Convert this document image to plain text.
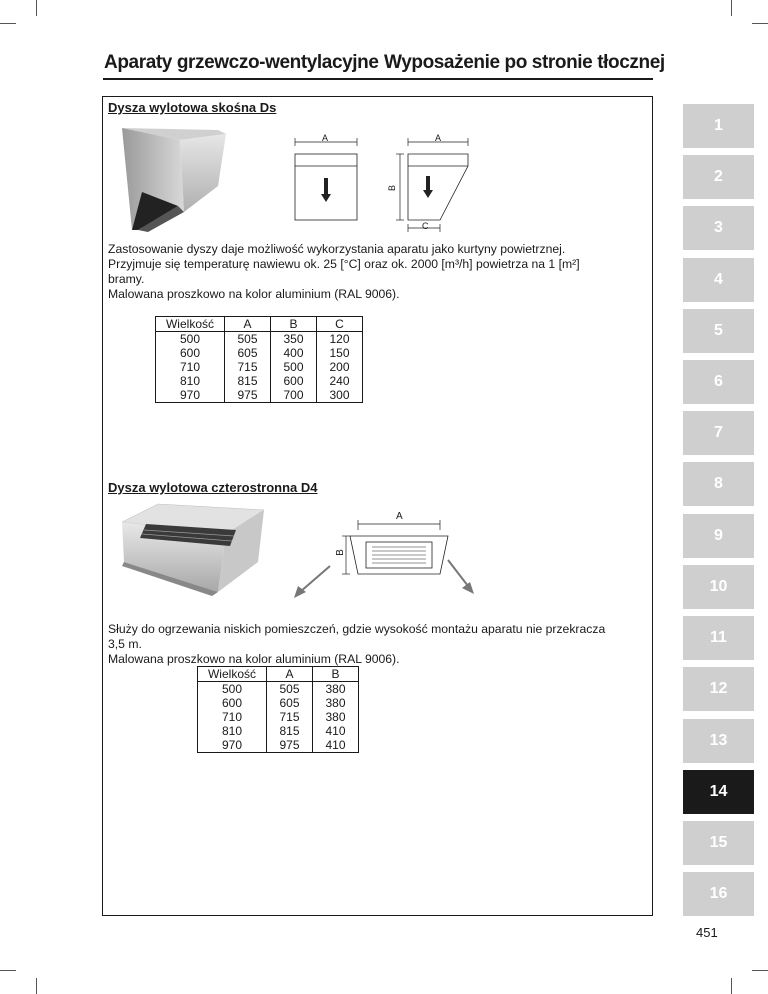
Aparaty grzewczo-wentylacyjne Wyposażenie po stronie tłocznej
Dysza wylotowa skośna Ds
A	A
B
C
Zastosowanie dyszy daje możliwość wykorzystania aparatu jako kurtyny powietrznej.
Przyjmuje się temperaturę nawiewu ok. 25 [°C] oraz ok. 2000 [m³/h] powietrza na 1 [m²]
bramy.
Malowana proszkowo na kolor aluminium (RAL 9006).
Wielkość	A	B	C
500	505	350	120
600	605	400	150
710	715	500	200
810	815	600	240
970	975	700	300
Dysza wylotowa czterostronna D4
A
B
Służy do ogrzewania niskich pomieszczeń, gdzie wysokość montażu aparatu nie przekracza
3,5 m.
Malowana proszkowo na kolor aluminium (RAL 9006).
Wielkość	A	B
500	505	380
600	605	380
710	715	380
810	815	410
970	975	410
1
2
3
4
5
6
7
8
9
10
11
12
13
14
15
16
451
